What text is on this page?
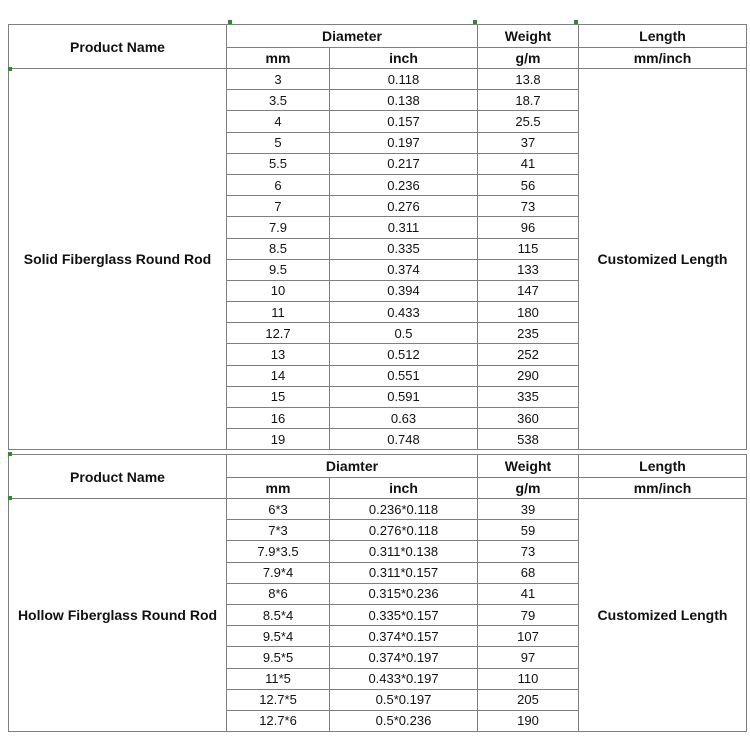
Product Name	Diameter		Weight	Length
	mm	inch	g/m	mm/inch
Solid Fiberglass Round Rod	3	0.118	13.8	Customized Length
	3.5	0.138	18.7	
	4	0.157	25.5	
	5	0.197	37	
	5.5	0.217	41	
	6	0.236	56	
	7	0.276	73	
	7.9	0.311	96	
	8.5	0.335	115	
	9.5	0.374	133	
	10	0.394	147	
	11	0.433	180	
	12.7	0.5	235	
	13	0.512	252	
	14	0.551	290	
	15	0.591	335	
	16	0.63	360	
	19	0.748	538	
Product Name	Diamter		Weight	Length
	mm	inch	g/m	mm/inch
Hollow Fiberglass Round Rod	6*3	0.236*0.118	39	Customized Length
	7*3	0.276*0.118	59	
	7.9*3.5	0.311*0.138	73	
	7.9*4	0.311*0.157	68	
	8*6	0.315*0.236	41	
	8.5*4	0.335*0.157	79	
	9.5*4	0.374*0.157	107	
	9.5*5	0.374*0.197	97	
	11*5	0.433*0.197	110	
	12.7*5	0.5*0.197	205	
	12.7*6	0.5*0.236	190	
